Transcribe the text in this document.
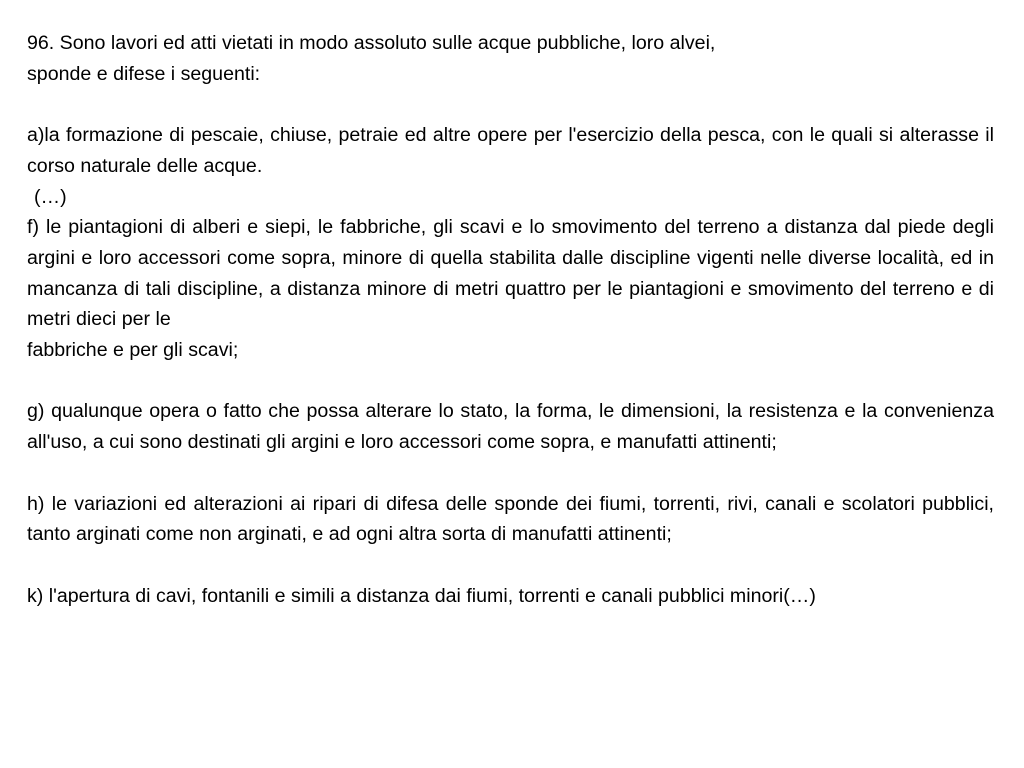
96. Sono lavori ed atti vietati in modo assoluto sulle acque pubbliche, loro alvei,
sponde e difese i seguenti:

a)la formazione di pescaie, chiuse, petraie ed altre opere per l'esercizio della pesca, con le quali si alterasse il corso naturale delle acque.

(…)

f) le piantagioni di alberi e siepi, le fabbriche, gli scavi e lo smovimento del terreno a distanza dal piede degli argini e loro accessori come sopra, minore di quella stabilita dalle discipline vigenti nelle diverse località, ed in mancanza di tali discipline, a distanza minore di metri quattro per le piantagioni e smovimento del terreno e di metri dieci per le

fabbriche e per gli scavi;

g) qualunque opera o fatto che possa alterare lo stato, la forma, le dimensioni, la resistenza e la convenienza all'uso, a cui sono destinati gli argini e loro accessori come sopra, e manufatti attinenti;

h) le variazioni ed alterazioni ai ripari di difesa delle sponde dei fiumi, torrenti, rivi, canali e scolatori pubblici, tanto arginati come non arginati, e ad ogni altra sorta di manufatti attinenti;

k) l'apertura di cavi, fontanili e simili a distanza dai fiumi, torrenti e canali pubblici minori(…)
